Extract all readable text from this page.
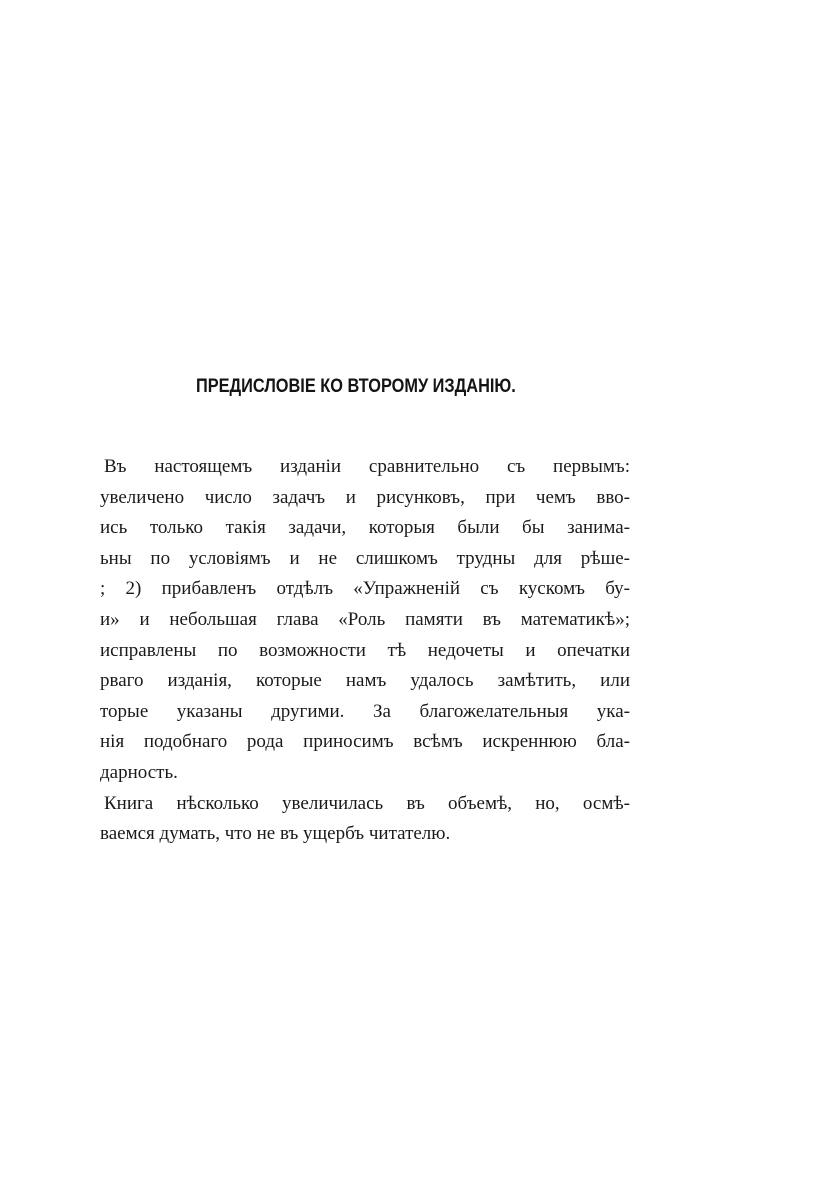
ПРЕДИСЛОВІЕ КО ВТОРОМУ ИЗДАНІЮ.
Въ настоящемъ изданіи сравнительно съ первымъ:
увеличено число задачъ и рисунковъ, при чемъ вво-
ись только такія задачи, которыя были бы занима-
ьны по условіямъ и не слишкомъ трудны для рѣше-
; 2) прибавленъ отдѣлъ «Упражненій съ кускомъ бу-
и» и небольшая глава «Роль памяти въ математикѣ»;
исправлены по возможности тѣ недочеты и опечатки
рваго изданія, которые намъ удалось замѣтить, или
торые указаны другими. За благожелательныя ука-
нія подобнаго рода приносимъ всѣмъ искреннюю бла-
дарность.
Книга нѣсколько увеличилась въ объемѣ, но, осмѣ-
ваемся думать, что не въ ущербъ читателю.
